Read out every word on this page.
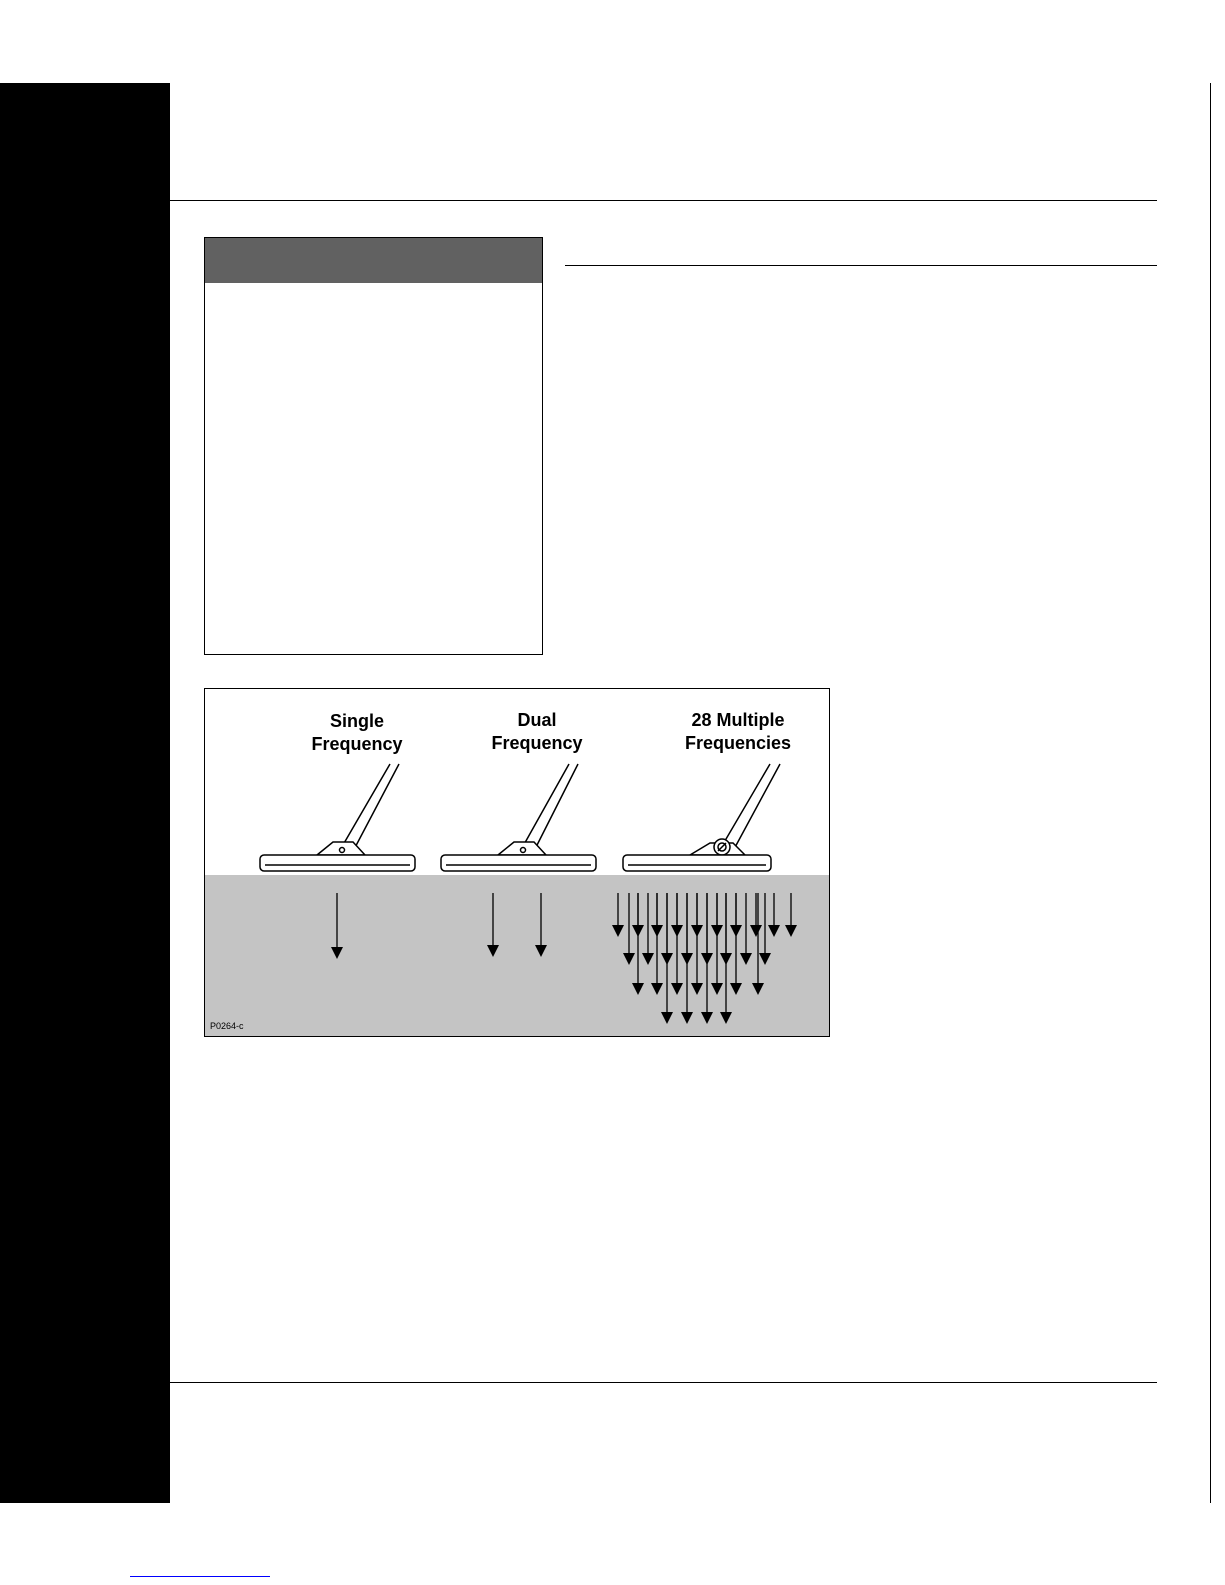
Single
Frequency
Dual
Frequency
28 Multiple
Frequencies
P0264-c
